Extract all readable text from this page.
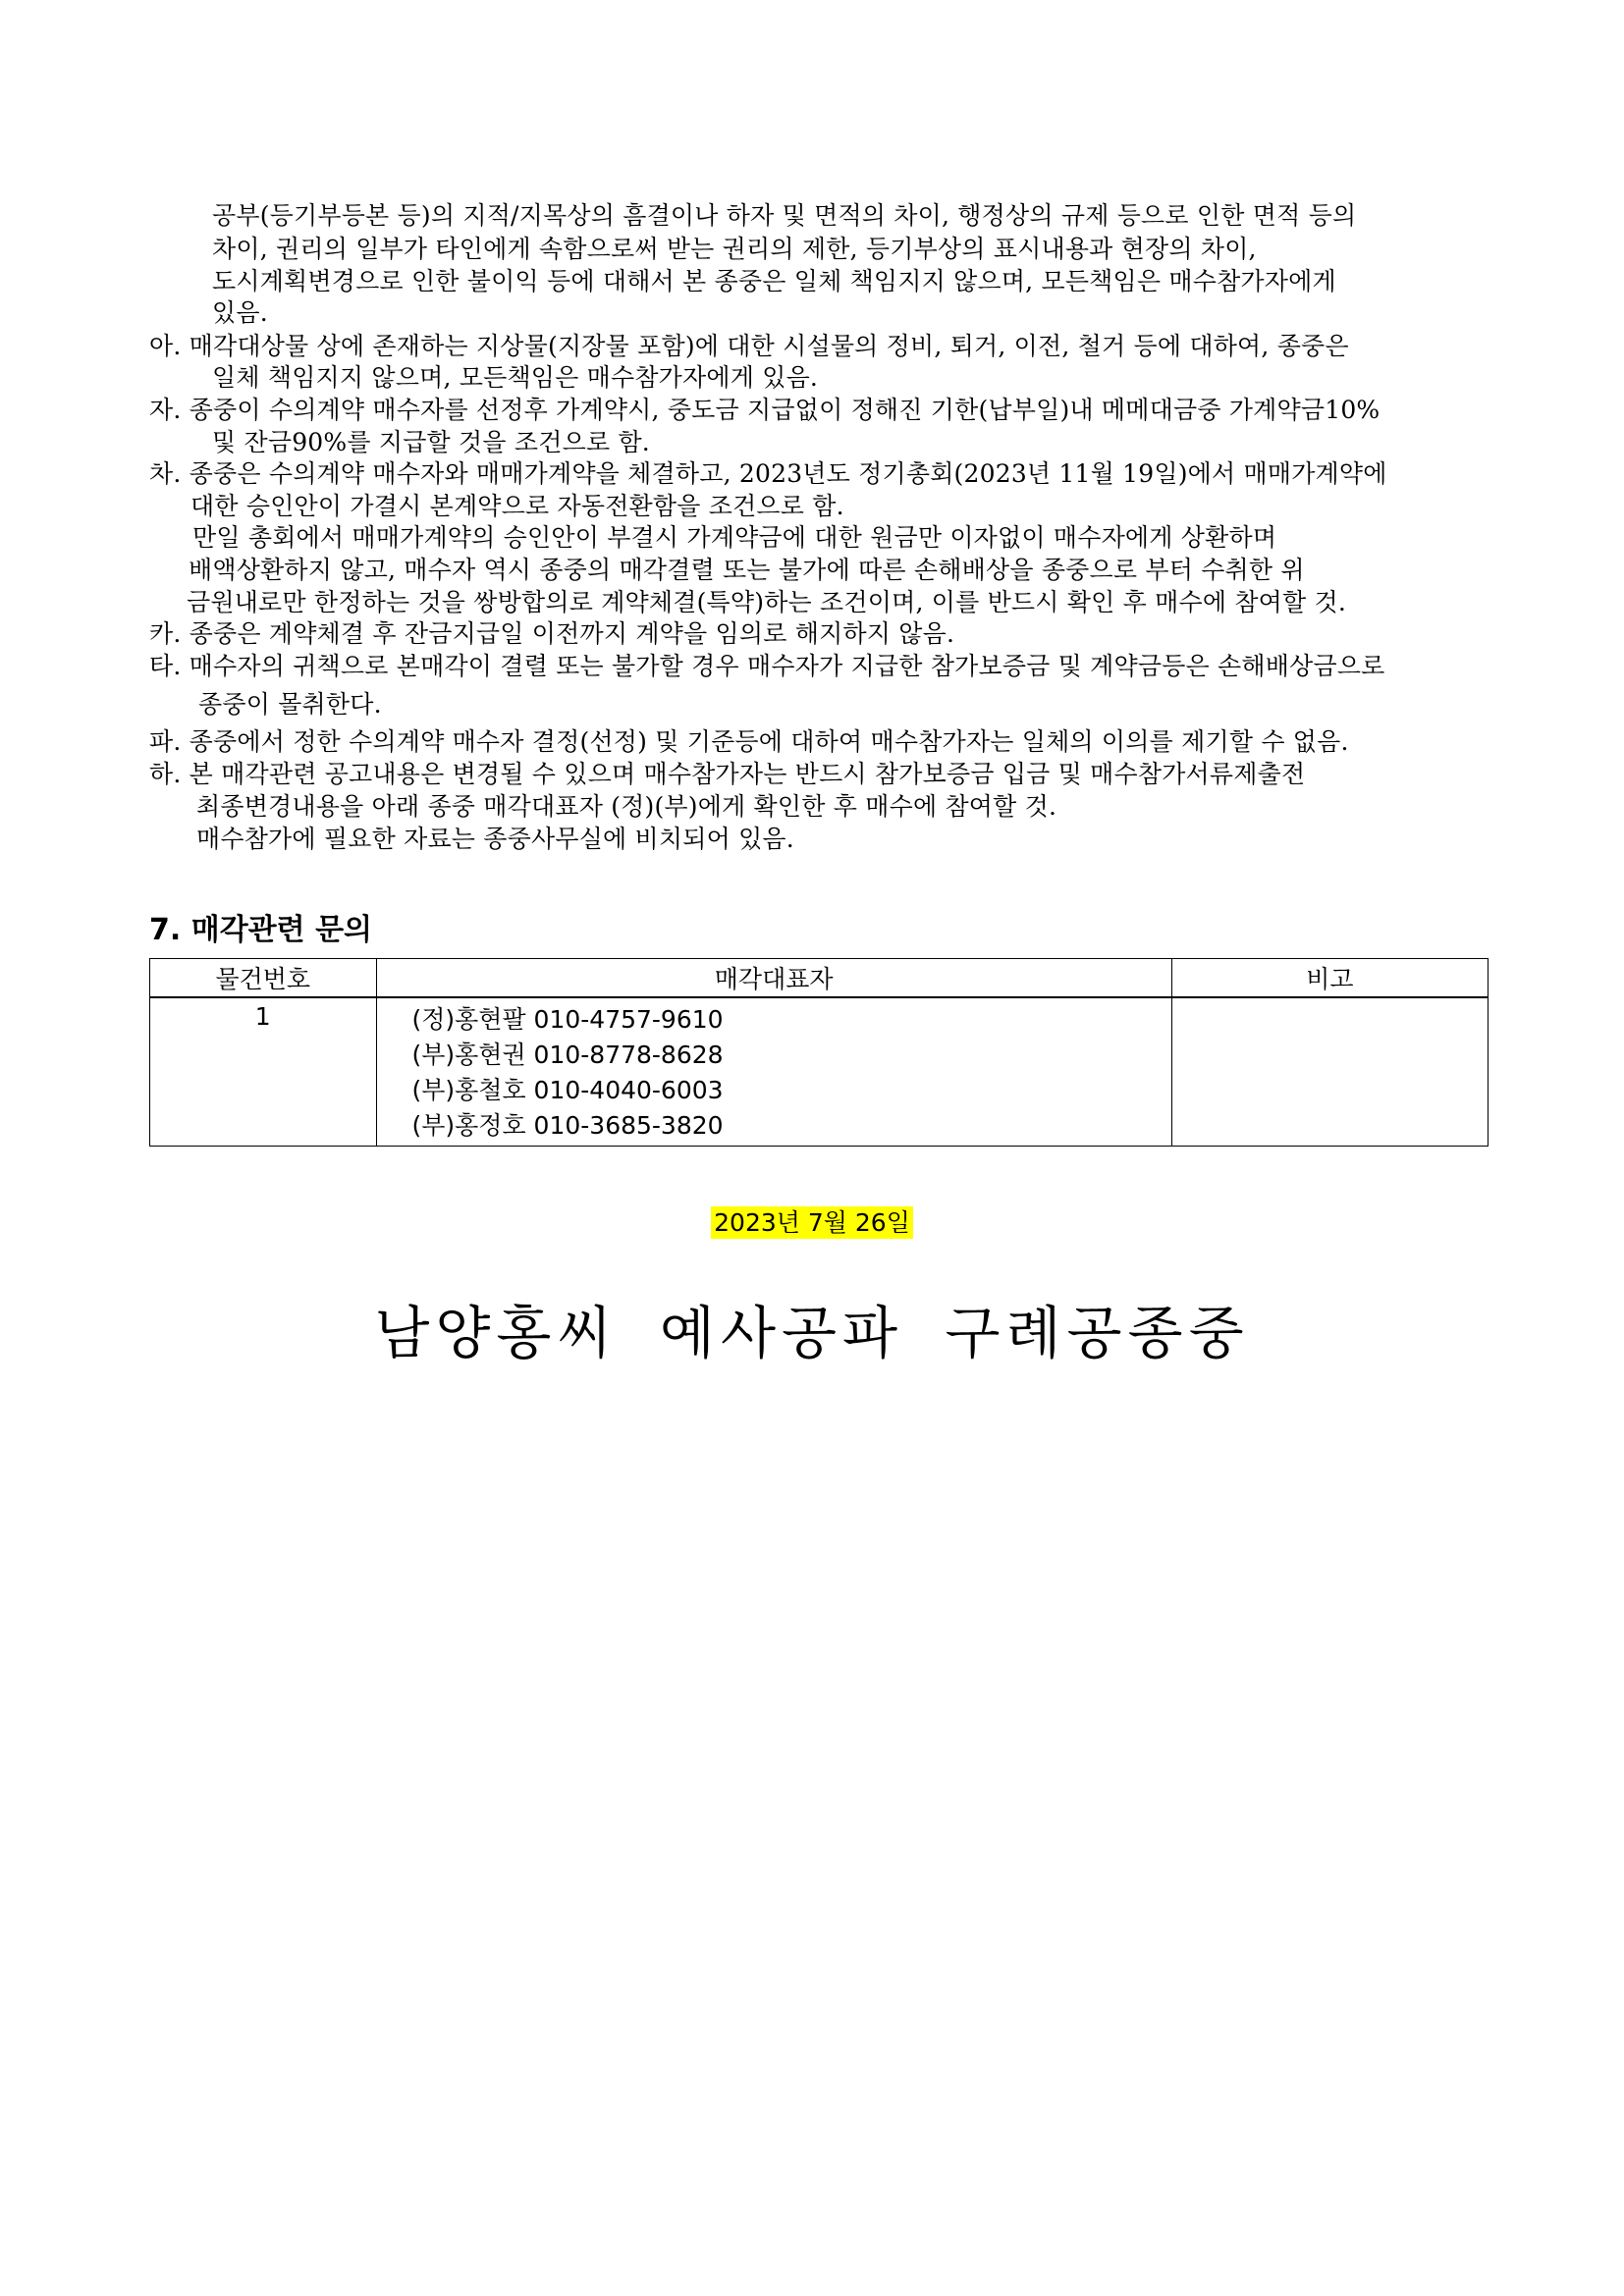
공부(등기부등본 등)의 지적/지목상의 흠결이나 하자 및 면적의 차이, 행정상의 규제 등으로 인한 면적 등의
차이, 권리의 일부가 타인에게 속함으로써 받는 권리의 제한, 등기부상의 표시내용과 현장의 차이,
도시계획변경으로 인한 불이익 등에 대해서 본 종중은 일체 책임지지 않으며, 모든책임은 매수참가자에게
있음.
아. 매각대상물 상에 존재하는 지상물(지장물 포함)에 대한 시설물의 정비, 퇴거, 이전, 철거 등에 대하여, 종중은
일체 책임지지 않으며, 모든책임은 매수참가자에게 있음.
자. 종중이 수의계약 매수자를 선정후 가계약시, 중도금 지급없이 정해진 기한(납부일)내 메메대금중 가계약금10%
및 잔금90%를 지급할 것을 조건으로 함.
차. 종중은 수의계약 매수자와 매매가계약을 체결하고, 2023년도 정기총회(2023년 11월 19일)에서 매매가계약에
대한 승인안이 가결시 본계약으로 자동전환함을 조건으로 함.
만일 총회에서 매매가계약의 승인안이 부결시 가계약금에 대한 원금만 이자없이 매수자에게 상환하며
배액상환하지 않고, 매수자 역시 종중의 매각결렬 또는 불가에 따른 손해배상을 종중으로 부터 수취한 위
금원내로만 한정하는 것을 쌍방합의로 계약체결(특약)하는 조건이며, 이를 반드시 확인 후 매수에 참여할 것.
카. 종중은 계약체결 후 잔금지급일 이전까지 계약을 임의로 해지하지 않음.
타. 매수자의 귀책으로 본매각이 결렬 또는 불가할 경우 매수자가 지급한 참가보증금 및 계약금등은 손해배상금으로
종중이 몰취한다.
파. 종중에서 정한 수의계약 매수자 결정(선정) 및 기준등에 대하여 매수참가자는 일체의 이의를 제기할 수 없음.
하. 본 매각관련 공고내용은 변경될 수 있으며 매수참가자는 반드시 참가보증금 입금 및 매수참가서류제출전
최종변경내용을 아래 종중 매각대표자 (정)(부)에게 확인한 후 매수에 참여할 것.
매수참가에 필요한 자료는 종중사무실에 비치되어 있음.
7. 매각관련 문의
물건번호	매각대표자	비고
1	(정)홍현팔 010-4757-9610
(부)홍현권 010-8778-8628
(부)홍철호 010-4040-6003
(부)홍정호 010-3685-3820	

2023년 7월 26일
남양홍씨 예사공파 구례공종중
